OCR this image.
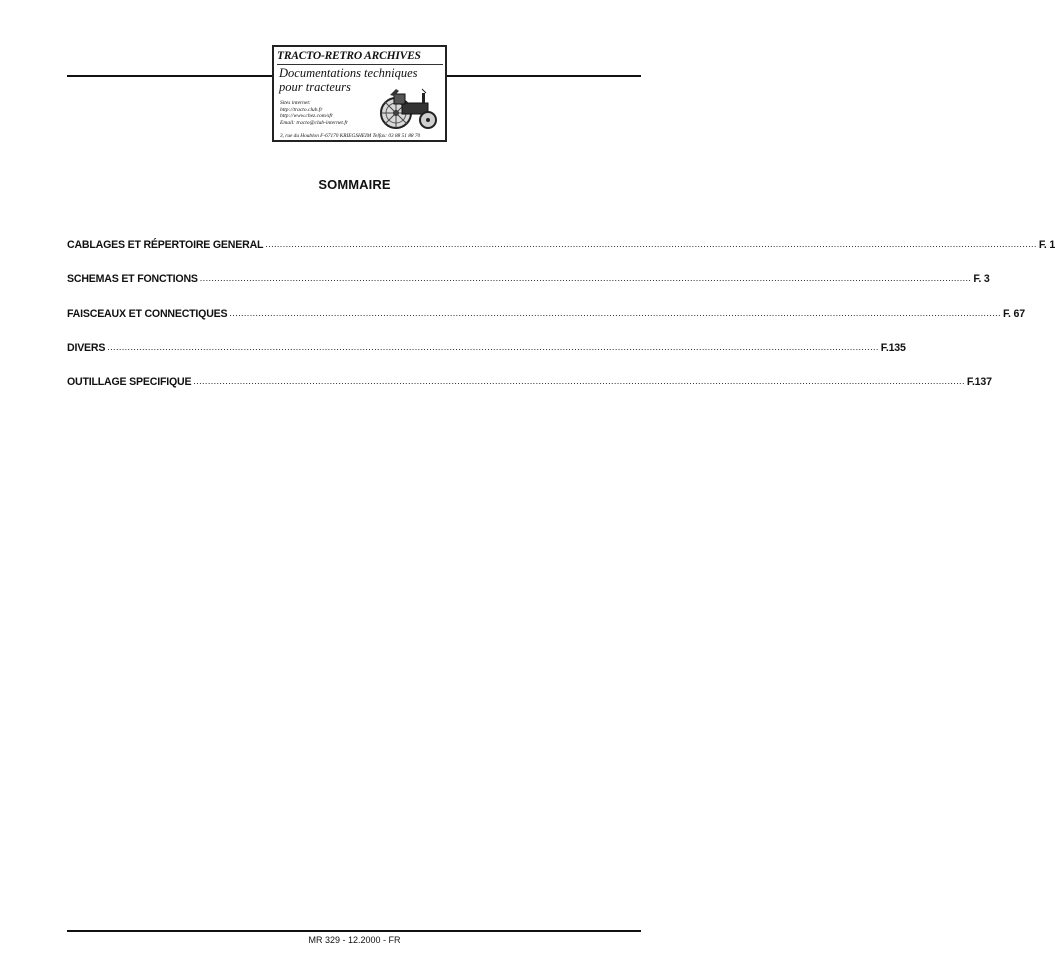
TRACTO-RETRO ARCHIVES
Documentations techniques
pour tracteurs
Sites internet:
http://tracto.club.fr
http://www.chez.com/sfr
Email: tracto@club-internet.fr
3, rue du Houblon F-67170 KRIEGSHEIM Telfax: 03 88 51 88 70
SOMMAIRE
CABLAGES ET RÉPERTOIRE GENERAL .......................................................................................................................................................................................................................................................................... F. 1
SCHEMAS ET FONCTIONS .......................................................................................................................................................................................................................................................................... F. 3
FAISCEAUX ET CONNECTIQUES .......................................................................................................................................................................................................................................................................... F. 67
DIVERS .......................................................................................................................................................................................................................................................................... F.135
OUTILLAGE SPECIFIQUE .......................................................................................................................................................................................................................................................................... F.137
MR 329 - 12.2000 - FR
